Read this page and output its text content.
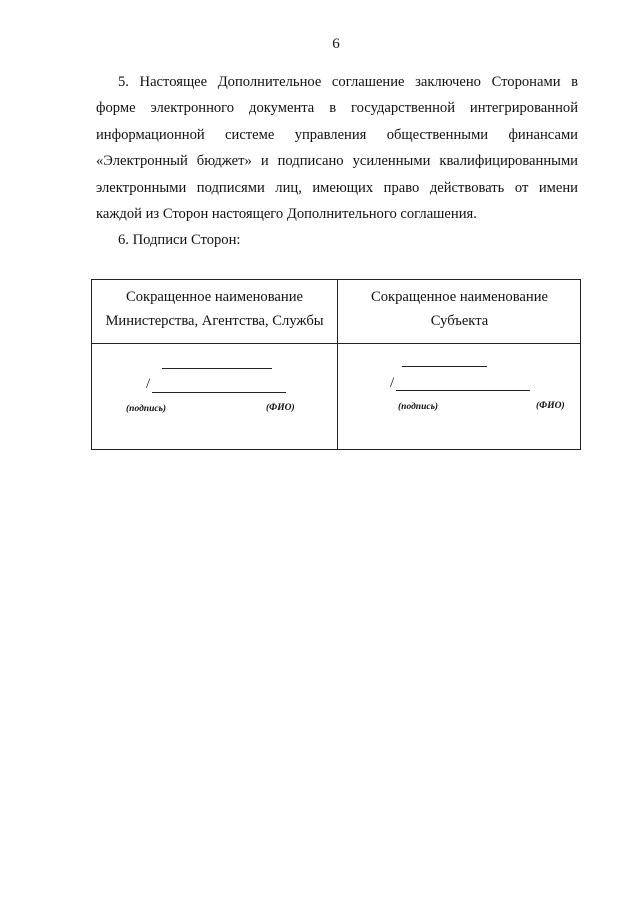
6

5. Настоящее Дополнительное соглашение заключено Сторонами в форме электронного документа в государственной интегрированной информационной системе управления общественными финансами «Электронный бюджет» и подписано усиленными квалифицированными электронными подписями лиц, имеющих право действовать от имени каждой из Сторон настоящего Дополнительного соглашения.

6. Подписи Сторон:

Сокращенное наименование
Министерства, Агентства, Службы
Сокращенное наименование
Субъекта
/
(подпись)	(ФИО)
/
(подпись)	(ФИО)
